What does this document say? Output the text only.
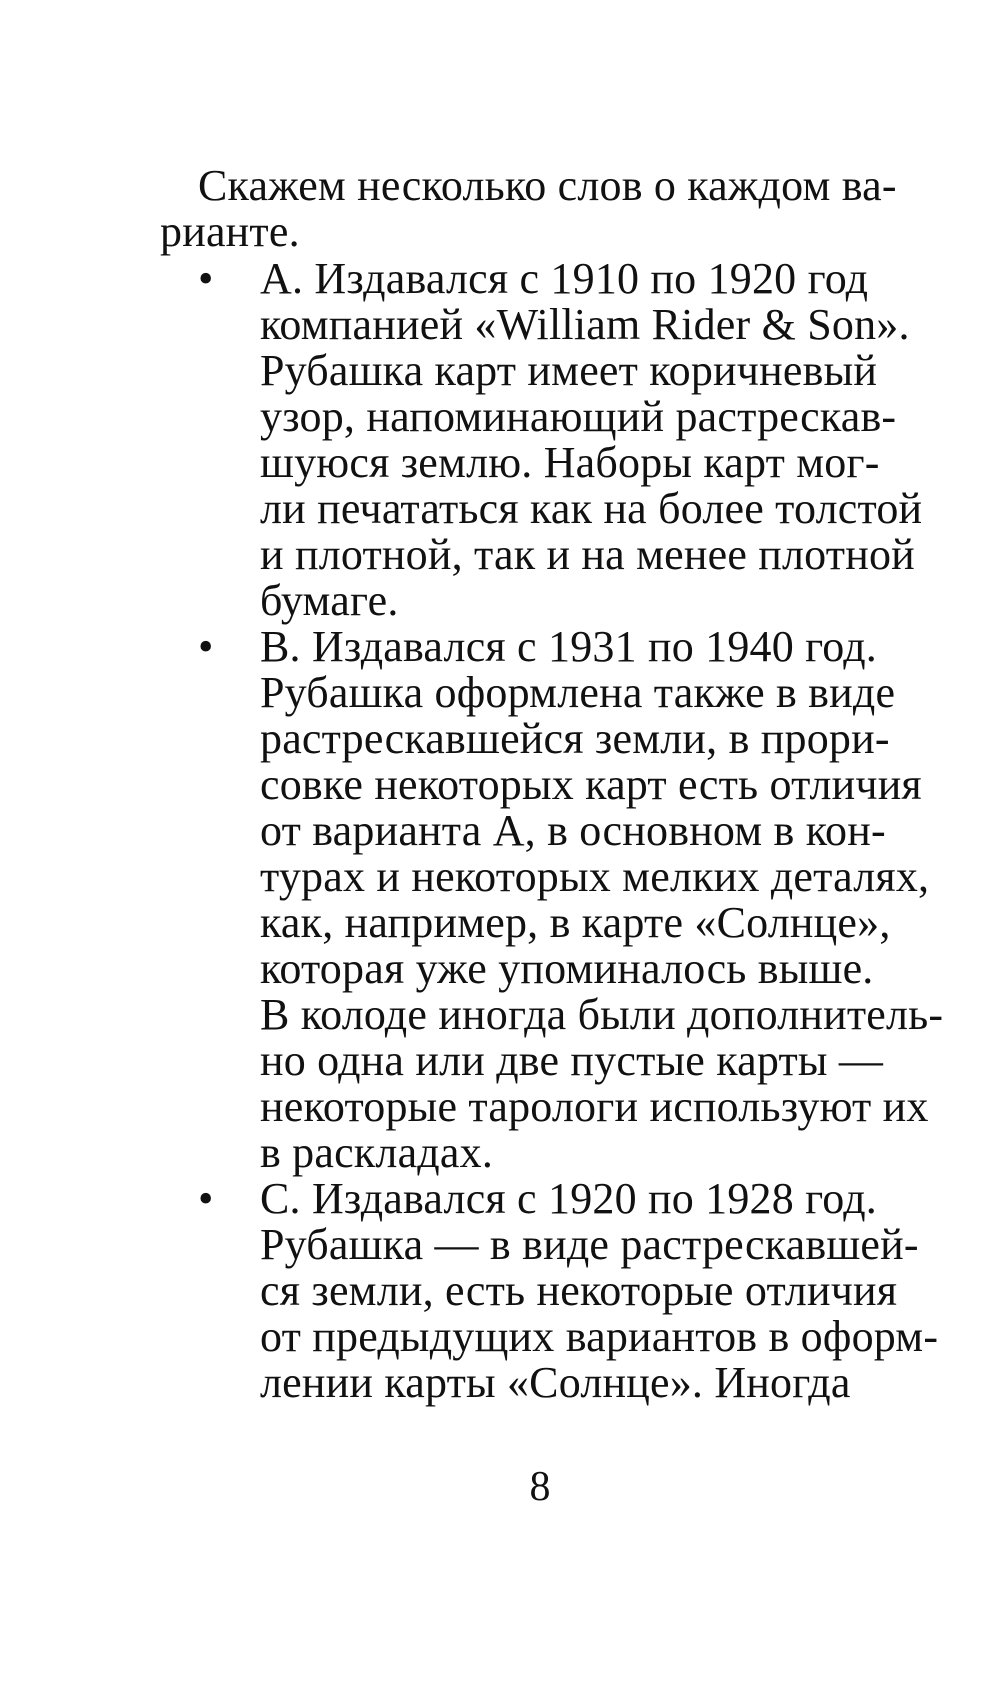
Скажем несколько слов о каждом ва-
рианте.
• А. Издавался с 1910 по 1920 год
компанией «William Rider & Son».
Рубашка карт имеет коричневый
узор, напоминающий растрескав-
шуюся землю. Наборы карт мог-
ли печататься как на более толстой
и плотной, так и на менее плотной
бумаге.
• В. Издавался с 1931 по 1940 год.
Рубашка оформлена также в виде
растрескавшейся земли, в прори-
совке некоторых карт есть отличия
от варианта А, в основном в кон-
турах и некоторых мелких деталях,
как, например, в карте «Солнце»,
которая уже упоминалось выше.
В колоде иногда были дополнитель-
но одна или две пустые карты —
некоторые тарологи используют их
в раскладах.
• С. Издавался с 1920 по 1928 год.
Рубашка — в виде растрескавшей-
ся земли, есть некоторые отличия
от предыдущих вариантов в оформ-
лении карты «Солнце». Иногда
8
